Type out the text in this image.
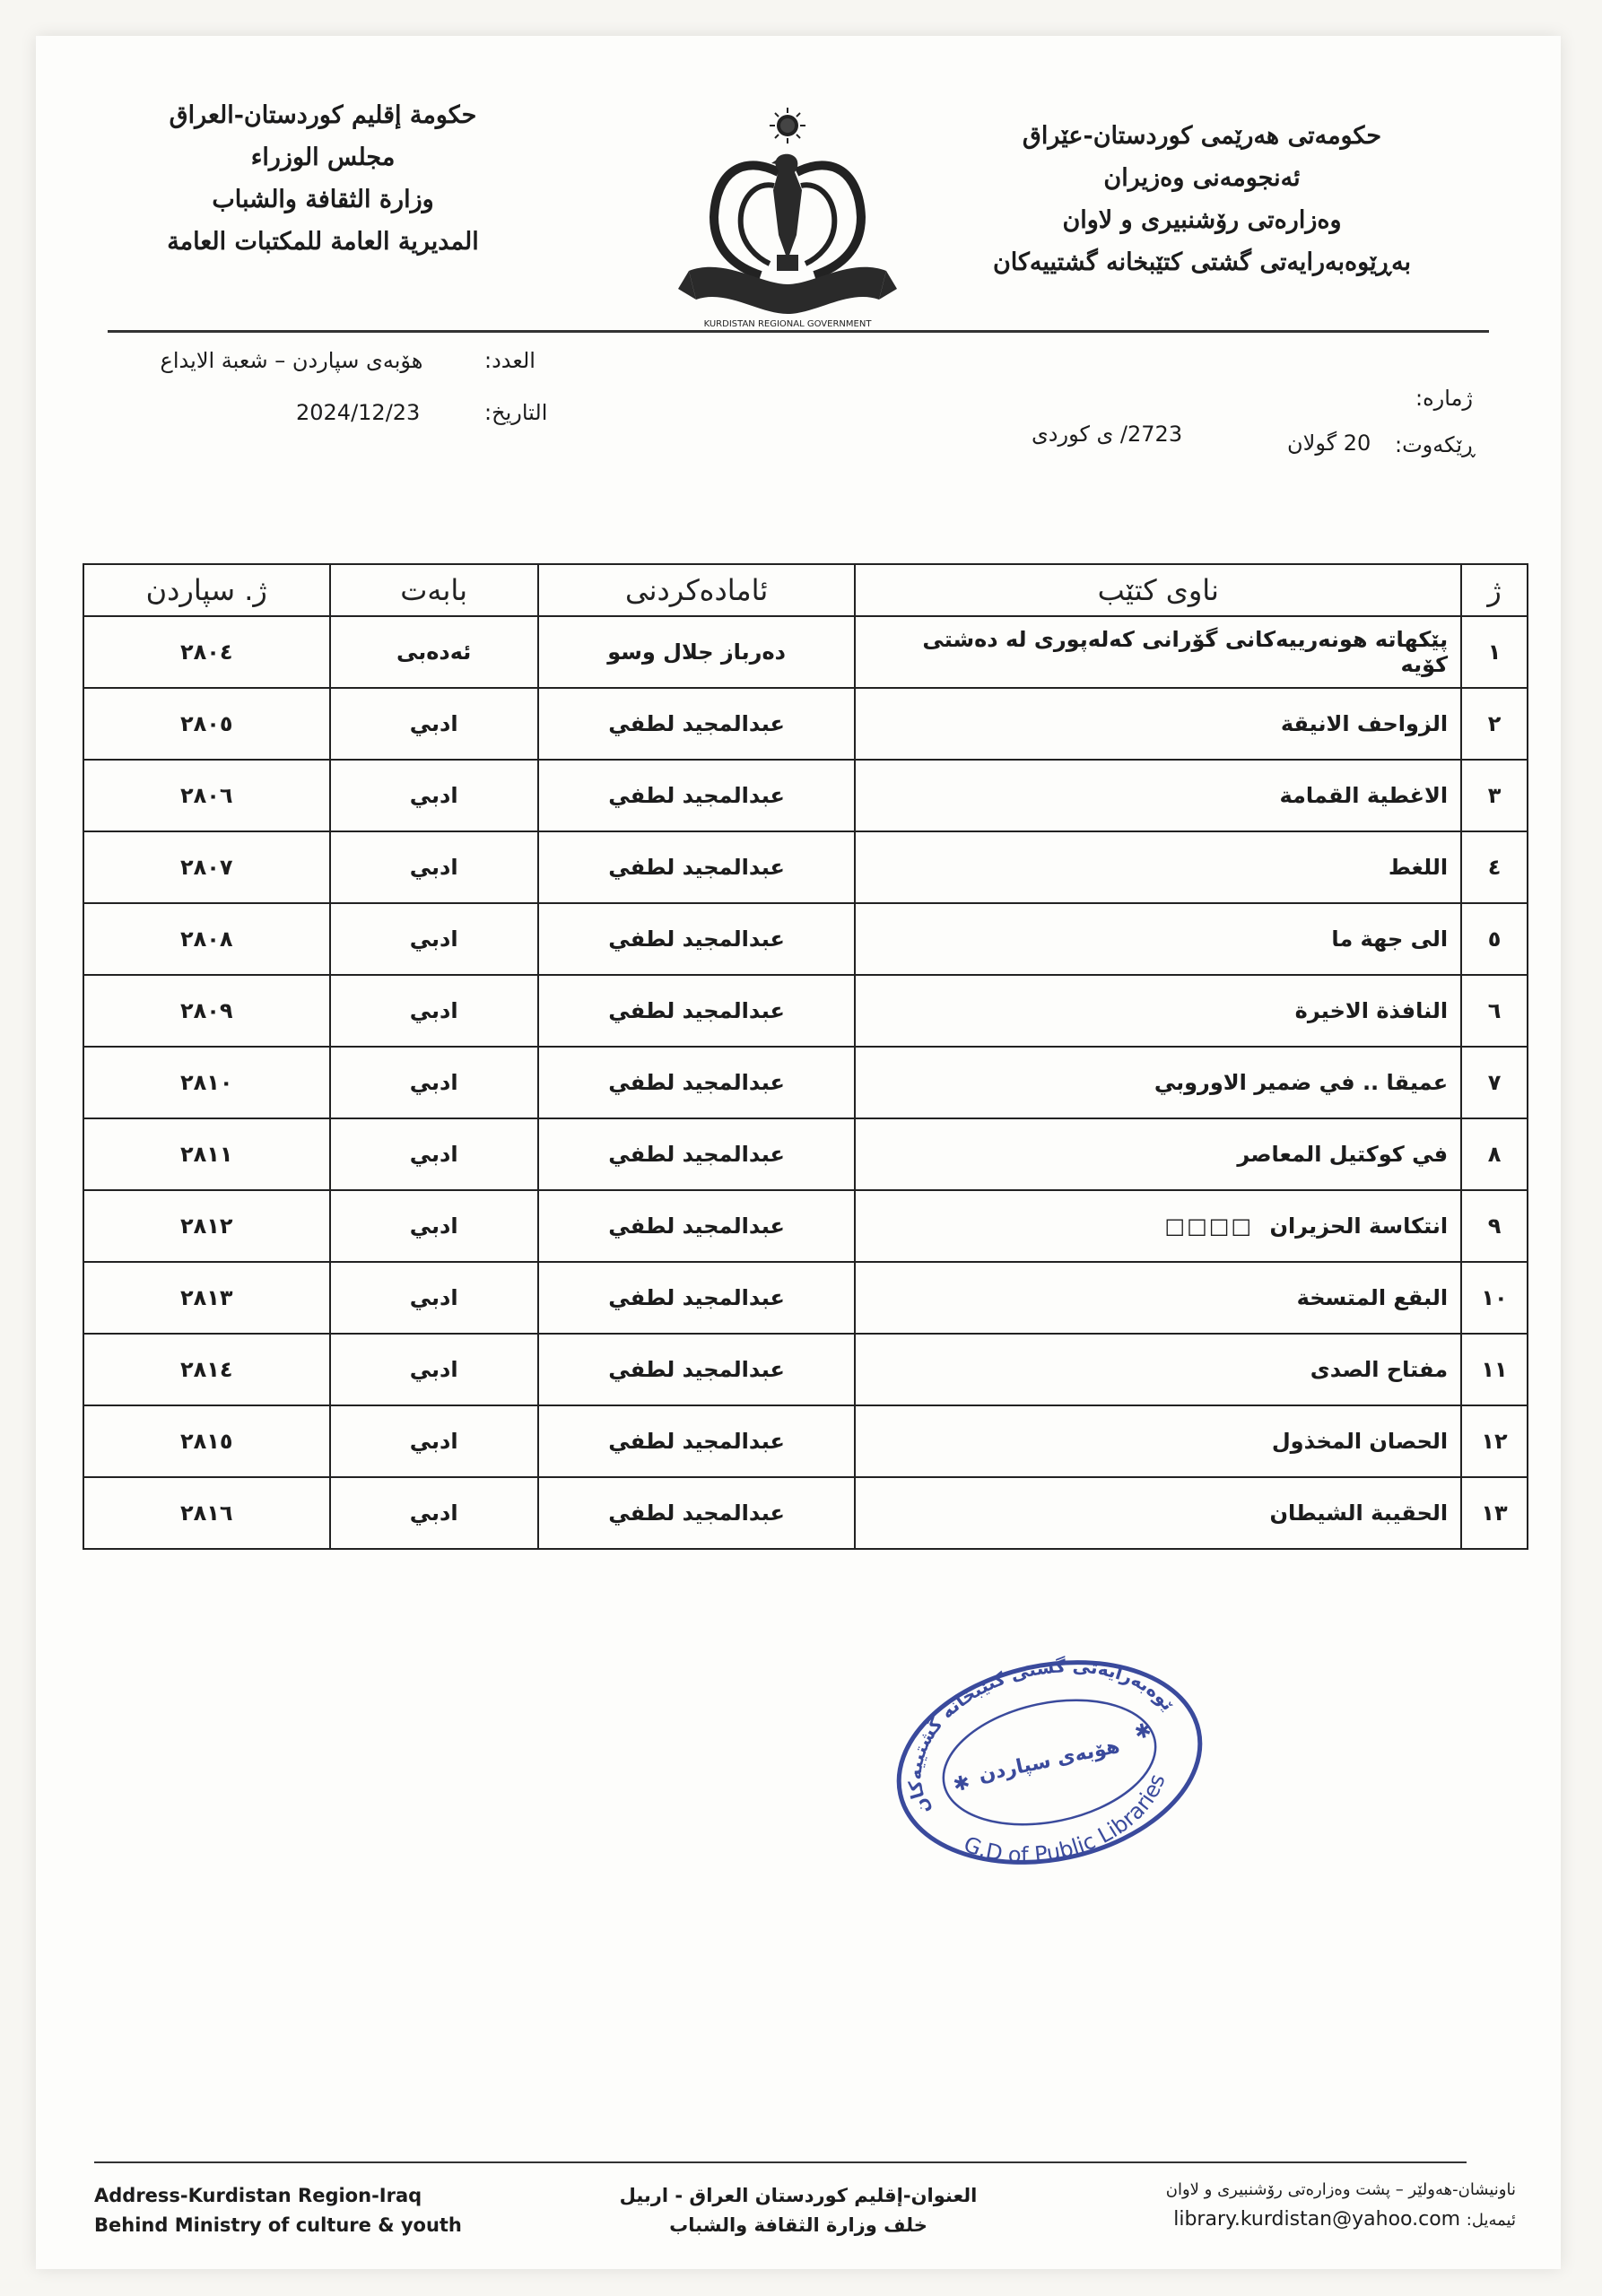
حكومة إقليم كوردستان-العراق
مجلس الوزراء
وزارة الثقافة والشباب
المديرية العامة للمكتبات العامة
KURDISTAN REGIONAL GOVERNMENT
حکومەتی هەرێمی کوردستان-عێراق
ئەنجومەنی وەزیران
وەزارەتی رۆشنبیری و لاوان
بەڕێوەبەرایەتی گشتی کتێبخانە گشتییەکان
العدد:
هۆبەی سپاردن – شعبة الايداع
التاريخ:
2024/12/23
ژمارە:
ڕێکەوت:
20 گولان
2723/ ی کوردی
ژ	ناوی کتێب	ئامادەکردنی	بابەت	ژ. سپاردن
١	پێکهاتە هونەرییەکانی گۆرانی کەلەپوری لە دەشتی کۆیە	دەرباز جلال وسو	ئەدەبی	٢٨٠٤
٢	الزواحف الانيقة	عبدالمجيد لطفي	ادبي	٢٨٠٥
٣	الاغطية القمامة	عبدالمجيد لطفي	ادبي	٢٨٠٦
٤	اللغط	عبدالمجيد لطفي	ادبي	٢٨٠٧
٥	الى جهة ما	عبدالمجيد لطفي	ادبي	٢٨٠٨
٦	النافذة الاخيرة	عبدالمجيد لطفي	ادبي	٢٨٠٩
٧	عميقا .. في ضمير الاوروبي	عبدالمجيد لطفي	ادبي	٢٨١٠
٨	في كوكتيل المعاصر	عبدالمجيد لطفي	ادبي	٢٨١١
٩	انتكاسة الحزيران □□□□	عبدالمجيد لطفي	ادبي	٢٨١٢
١٠	البقع المتسخة	عبدالمجيد لطفي	ادبي	٢٨١٣
١١	مفتاح الصدى	عبدالمجيد لطفي	ادبي	٢٨١٤
١٢	الحصان المخذول	عبدالمجيد لطفي	ادبي	٢٨١٥
١٣	الحقيبة الشيطان	عبدالمجيد لطفي	ادبي	٢٨١٦
بەڕێوەبەرایەتی گشتی کتێبخانە گشتییەکان
هۆبەی سپاردن
G.D of Public Libraries
✱
✱
Address-Kurdistan Region-Iraq
Behind Ministry of culture & youth
العنوان-إقليم كوردستان العراق - اربيل
خلف وزارة الثقافة والشباب
ناونیشان-هەولێر – پشت وەزارەتی رۆشنبیری و لاوان
ئیمەیل: library.kurdistan@yahoo.com
